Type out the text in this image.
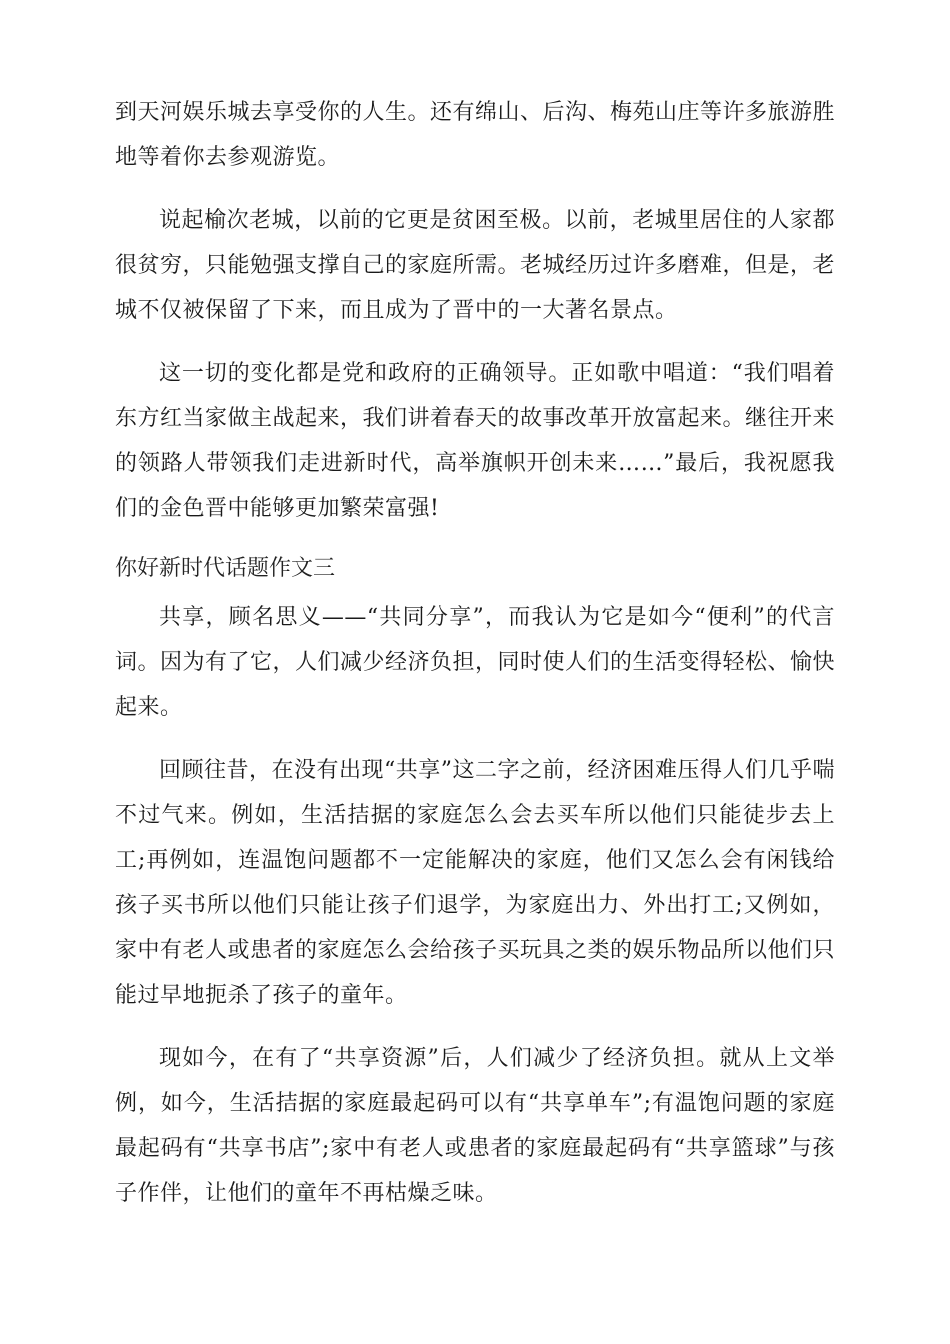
到天河娱乐城去享受你的人生。还有绵山、后沟、梅苑山庄等许多旅游胜地等着你去参观游览。

说起榆次老城，以前的它更是贫困至极。以前，老城里居住的人家都很贫穷，只能勉强支撑自己的家庭所需。老城经历过许多磨难，但是，老城不仅被保留了下来，而且成为了晋中的一大著名景点。

这一切的变化都是党和政府的正确领导。正如歌中唱道：“我们唱着东方红当家做主战起来，我们讲着春天的故事改革开放富起来。继往开来的领路人带领我们走进新时代，高举旗帜开创未来……”最后，我祝愿我们的金色晋中能够更加繁荣富强!

你好新时代话题作文三

共享，顾名思义——“共同分享”，而我认为它是如今“便利”的代言词。因为有了它，人们减少经济负担，同时使人们的生活变得轻松、愉快起来。

回顾往昔，在没有出现“共享”这二字之前，经济困难压得人们几乎喘不过气来。例如，生活拮据的家庭怎么会去买车所以他们只能徒步去上工;再例如，连温饱问题都不一定能解决的家庭，他们又怎么会有闲钱给孩子买书所以他们只能让孩子们退学，为家庭出力、外出打工;又例如，家中有老人或患者的家庭怎么会给孩子买玩具之类的娱乐物品所以他们只能过早地扼杀了孩子的童年。

现如今，在有了“共享资源”后，人们减少了经济负担。就从上文举例，如今，生活拮据的家庭最起码可以有“共享单车”;有温饱问题的家庭最起码有“共享书店”;家中有老人或患者的家庭最起码有“共享篮球”与孩子作伴，让他们的童年不再枯燥乏味。
